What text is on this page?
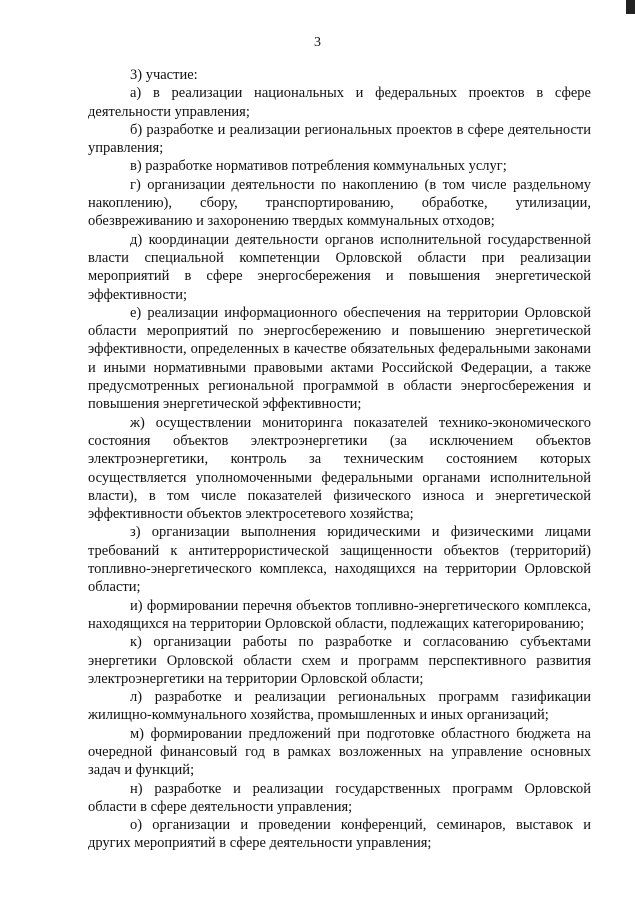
3

3) участие:

а) в реализации национальных и федеральных проектов в сфере деятельности управления;

б) разработке и реализации региональных проектов в сфере деятельности управления;

в) разработке нормативов потребления коммунальных услуг;

г) организации деятельности по накоплению (в том числе раздельному накоплению), сбору, транспортированию, обработке, утилизации, обезвреживанию и захоронению твердых коммунальных отходов;

д) координации деятельности органов исполнительной государственной власти специальной компетенции Орловской области при реализации мероприятий в сфере энергосбережения и повышения энергетической эффективности;

е) реализации информационного обеспечения на территории Орловской области мероприятий по энергосбережению и повышению энергетической эффективности, определенных в качестве обязательных федеральными законами и иными нормативными правовыми актами Российской Федерации, а также предусмотренных региональной программой в области энергосбережения и повышения энергетической эффективности;

ж) осуществлении мониторинга показателей технико-экономического состояния объектов электроэнергетики (за исключением объектов электроэнергетики, контроль за техническим состоянием которых осуществляется уполномоченными федеральными органами исполнительной власти), в том числе показателей физического износа и энергетической эффективности объектов электросетевого хозяйства;

з) организации выполнения юридическими и физическими лицами требований к антитеррористической защищенности объектов (территорий) топливно-энергетического комплекса, находящихся на территории Орловской области;

и) формировании перечня объектов топливно-энергетического комплекса, находящихся на территории Орловской области, подлежащих категорированию;

к) организации работы по разработке и согласованию субъектами энергетики Орловской области схем и программ перспективного развития электроэнергетики на территории Орловской области;

л) разработке и реализации региональных программ газификации жилищно-коммунального хозяйства, промышленных и иных организаций;

м) формировании предложений при подготовке областного бюджета на очередной финансовый год в рамках возложенных на управление основных задач и функций;

н) разработке и реализации государственных программ Орловской области в сфере деятельности управления;

о) организации и проведении конференций, семинаров, выставок и других мероприятий в сфере деятельности управления;
